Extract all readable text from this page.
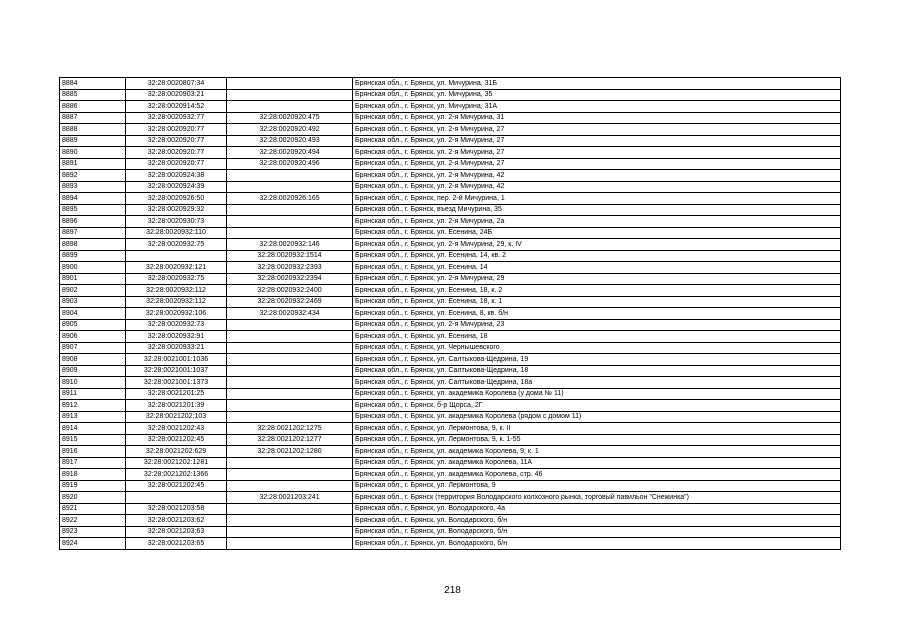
8884	32:28:0020807:34		Брянская обл., г. Брянск, ул. Мичурина, 31Б
8885	32:28:0020903:21		Брянская обл., г. Брянск, ул. Мичурина, 35
8886	32:28:0020914:52		Брянская обл., г. Брянск, ул. Мичурина, 31А
8887	32:28:0020932:77	32:28:0020920:475	Брянская обл., г. Брянск, ул. 2-я Мичурина, 31
8888	32:28:0020920:77	32:28:0020920:492	Брянская обл., г. Брянск, ул. 2-я Мичурина, 27
8889	32:28:0020920:77	32:28:0020920:493	Брянская обл., г. Брянск, ул. 2-я Мичурина, 27
8890	32:28:0020920:77	32:28:0020920:494	Брянская обл., г. Брянск, ул. 2-я Мичурина, 27
8891	32:28:0020920:77	32:28:0020920:496	Брянская обл., г. Брянск, ул. 2-я Мичурина, 27
8892	32:28:0020924:38		Брянская обл., г. Брянск, ул. 2-я Мичурина, 42
8893	32:28:0020924:39		Брянская обл., г. Брянск, ул. 2-я Мичурина, 42
8894	32:28:0020926:50	32:28:0020926:165	Брянская обл., г. Брянск, пер. 2-й Мичурина, 1
8895	32:28:0020929:32		Брянская обл., г. Брянск, въезд Мичурина, 35
8896	32:28:0020930:73		Брянская обл., г. Брянск, ул. 2-я Мичурина, 2а
8897	32:28:0020932:110		Брянская обл., г. Брянск, ул. Есенина, 24Б
8898	32:28:0020932:75	32:28:0020932:146	Брянская обл., г. Брянск, ул. 2-я Мичурина, 29, к. IV
8899		32:28:0020932:1514	Брянская обл., г. Брянск, ул. Есенина, 14, кв. 2
8900	32:28:0020932:121	32:28:0020932:2393	Брянская обл., г. Брянск, ул. Есенина, 14
8901	32:28:0020932:75	32:28:0020932:2394	Брянская обл., г. Брянск, ул. 2-я Мичурина, 29
8902	32:28:0020932:112	32:28:0020932:2400	Брянская обл., г. Брянск, ул. Есенина, 18, к. 2
8903	32:28:0020932:112	32:28:0020932:2469	Брянская обл., г. Брянск, ул. Есенина, 18, к. 1
8904	32:28:0020932:106	32:28:0020932:434	Брянская обл., г. Брянск, ул. Есенина, 8, кв. б/н
8905	32:28:0020932:73		Брянская обл., г. Брянск, ул. 2-я Мичурина, 23
8906	32:28:0020932:91		Брянская обл., г. Брянск, ул. Есенина, 18
8907	32:28:0020933:21		Брянская обл., г. Брянск, ул. Чернышевского
8908	32:28:0021001:1036		Брянская обл., г. Брянск, ул. Салтыкова-Щедрина, 19
8909	32:28:0021001:1037		Брянская обл., г. Брянск, ул. Салтыкова-Щедрина, 18
8910	32:28:0021001:1373		Брянская обл., г. Брянск, ул. Салтыкова-Щедрина, 18а
8911	32:28:0021201:25		Брянская обл., г. Брянск, ул. академика Королева (у дома № 11)
8912	32:28:0021201:39		Брянская обл., г. Брянск, б-р Щорса, 2Г
8913	32:28:0021202:103		Брянская обл., г. Брянск, ул. академика Королева (рядом с домом 11)
8914	32:28:0021202:43	32:28:0021202:1275	Брянская обл., г. Брянск, ул. Лермонтова, 9, к. II
8915	32:28:0021202:45	32:28:0021202:1277	Брянская обл., г. Брянск, ул. Лермонтова, 9, к. 1-55
8916	32:28:0021202:629	32:28:0021202:1280	Брянская обл., г. Брянск, ул. академика Королева, 9, к. 1
8917	32:28:0021202:1281		Брянская обл., г. Брянск, ул. академика Королева, 11А
8918	32:28:0021202:1366		Брянская обл., г. Брянск, ул. академика Королева, стр. 46
8919	32:28:0021202:45		Брянская обл., г. Брянск, ул. Лермонтова, 9
8920		32:28:0021203:241	Брянская обл., г. Брянск (территория Володарского колхозного рынка, торговый павильон "Снежинка")
8921	32:28:0021203:58		Брянская обл., г. Брянск, ул. Володарского, 4а
8922	32:28:0021203:62		Брянская обл., г. Брянск, ул. Володарского, б/н
8923	32:28:0021203:63		Брянская обл., г. Брянск, ул. Володарского, б/н
8924	32:28:0021203:65		Брянская обл., г. Брянск, ул. Володарского, б/н
218
